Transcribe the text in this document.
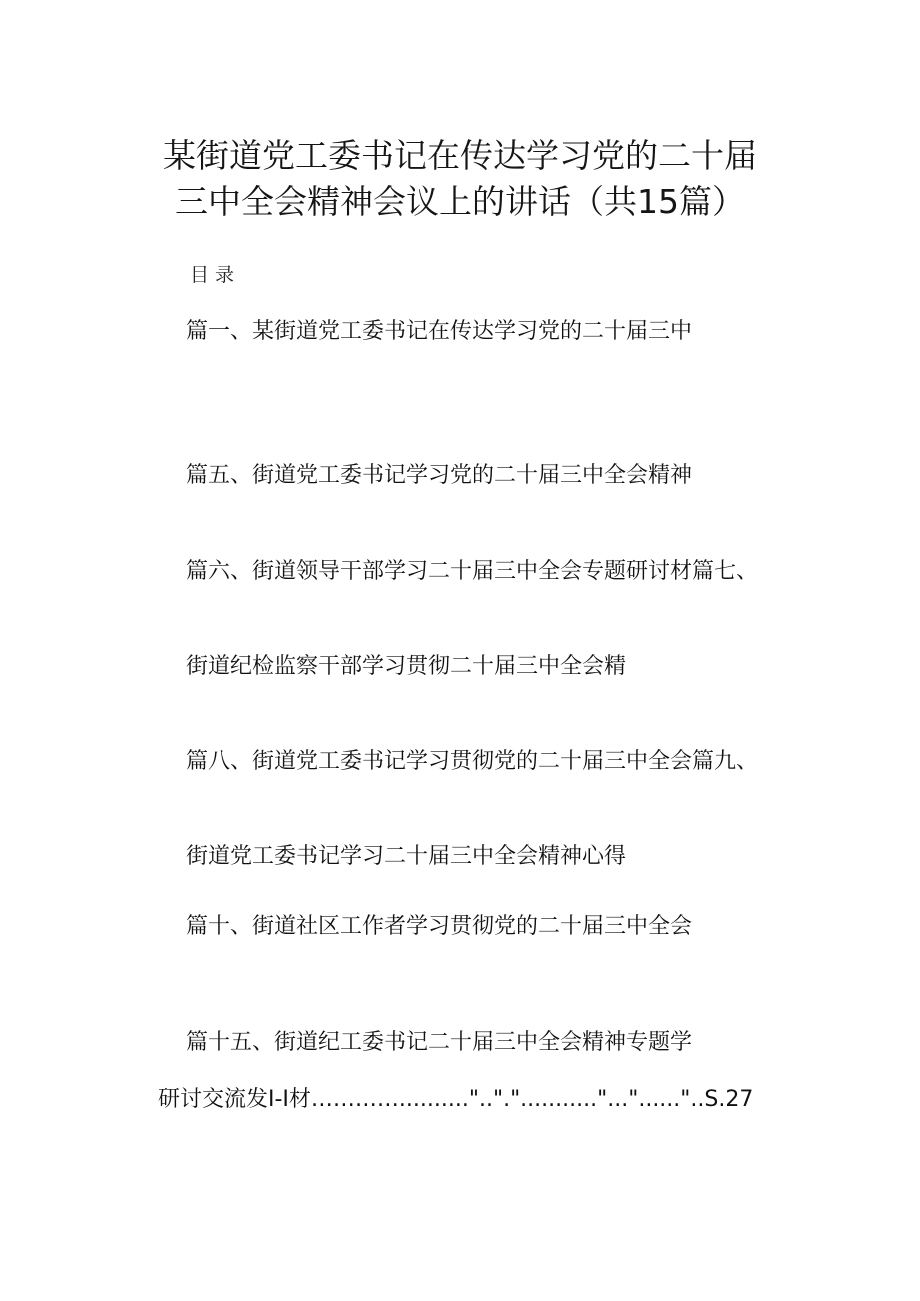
某街道党工委书记在传达学习党的二十届
三中全会精神会议上的讲话（共15篇）
目录
篇一、某街道党工委书记在传达学习党的二十届三中
篇五、街道党工委书记学习党的二十届三中全会精神
篇六、街道领导干部学习二十届三中全会专题研讨材篇七、
街道纪检监察干部学习贯彻二十届三中全会精
篇八、街道党工委书记学习贯彻党的二十届三中全会篇九、
街道党工委书记学习二十届三中全会精神心得
篇十、街道社区工作者学习贯彻党的二十届三中全会
篇十五、街道纪工委书记二十届三中全会精神专题学
研讨交流发I-I材…………..........".."."..........."..."......"..S.27
